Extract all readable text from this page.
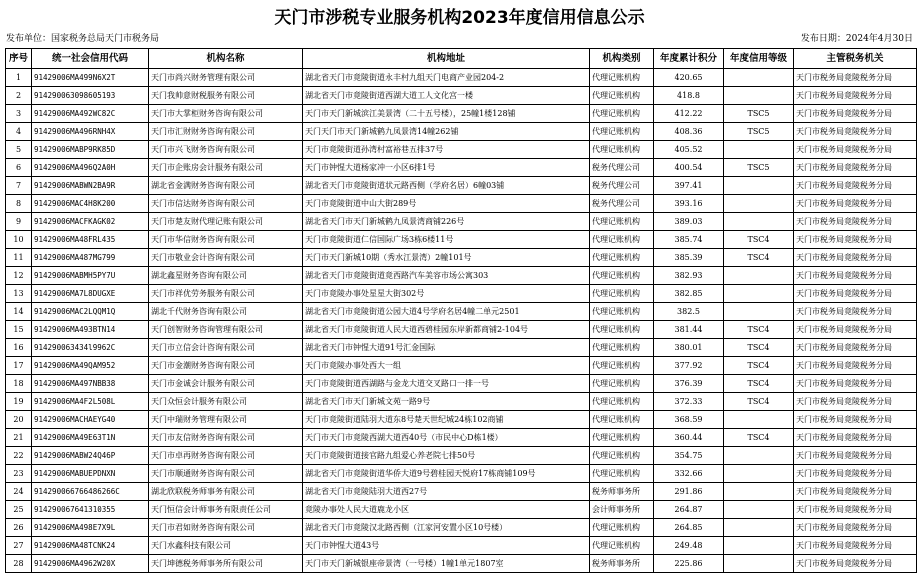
天门市涉税专业服务机构2023年度信用信息公示
发布单位：国家税务总局天门市税务局	发布日期：2024年4月30日
序号	统一社会信用代码	机构名称	机构地址	机构类别	年度累计积分	年度信用等级	主管税务机关
1	91429006MA499N6X2T	天门市尚兴财务管理有限公司	湖北省天门市竟陵街道永丰村九组天门电商产业园204-2	代理记账机构	420.65		天门市税务局竟陵税务分局
2	914290063098605193	天门我帅意财税服务有限公司	湖北省天门市竟陵街道西湖大道工人文化宫一楼	代理记账机构	418.8		天门市税务局竟陵税务分局
3	91429006MA492WC82C	天门市大掌柜财务咨询有限公司	天门市天门新城滨江美景湾（二十五号楼），25幢1楼128铺	代理记账机构	412.22	TSC5	天门市税务局竟陵税务分局
4	91429006MA496RNH4X	天门市汇财财务咨询有限公司	天门天门市天门新城鹤九凤景湾14幢262铺	代理记账机构	408.36	TSC5	天门市税务局竟陵税务分局
5	91429006MABP9RK85D	天门市兴飞财务咨询有限公司	天门市竟陵街道孙湾村富裕巷五排37号	代理记账机构	405.52		天门市税务局竟陵税务分局
6	91429006MA496Q2A0H	天门市企账房会计服务有限公司	天门市钟惺大道杨家冲一小区6排1号	税务代理公司	400.54	TSC5	天门市税务局竟陵税务分局
7	91429006MABWN2BA9R	湖北省金满财务咨询有限公司	湖北省天门市竟陵街道状元路西侧（学府名居）6幢03铺	税务代理公司	397.41		天门市税务局竟陵税务分局
8	91429006MAC4H8K200	天门市信达财务咨询有限公司	天门市竟陵街道中山大街289号	税务代理公司	393.16		天门市税务局竟陵税务分局
9	91429006MACFKAGK02	天门市楚友财代理记账有限公司	湖北省天门市天门新城鹤九凤景湾商铺226号	代理记账机构	389.03		天门市税务局竟陵税务分局
10	91429006MA48FRL435	天门市华信财务咨询有限公司	天门市竟陵街道仁信国际广场3栋6楼11号	代理记账机构	385.74	TSC4	天门市税务局竟陵税务分局
11	91429006MA487MG799	天门市敬业会计咨询有限公司	天门市天门新城10期（秀水江景湾）2幢101号	代理记账机构	385.39	TSC4	天门市税务局竟陵税务分局
12	91429006MABMH5PY7U	湖北鑫星财务咨询有限公司	湖北省天门市竟陵街道竟西路汽车美容市场公寓303	代理记账机构	382.93		天门市税务局竟陵税务分局
13	91429006MA7L8DUGXE	天门市祥优劳务服务有限公司	天门市竟陵办事处星星大街302号	代理记账机构	382.85		天门市税务局竟陵税务分局
14	91429006MAC2LQQM1Q	湖北千代财务咨询有限公司	湖北省天门市竟陵街道公园大道4号学府名居4幢二单元2501	代理记账机构	382.5		天门市税务局竟陵税务分局
15	91429006MA493BTN14	天门创智财务咨询管理有限公司	湖北省天门市竟陵街道人民大道西碧桂园东岸新都商铺2-104号	代理记账机构	381.44	TSC4	天门市税务局竟陵税务分局
16	914290063434l9962C	天门市立信会计咨询有限公司	湖北省天门市钟惺大道91号汇金国际	代理记账机构	380.01	TSC4	天门市税务局竟陵税务分局
17	91429006MA49QAM952	天门市金潮财务咨询有限公司	天门市竟陵办事处西大一组	代理记账机构	377.92	TSC4	天门市税务局竟陵税务分局
18	91429006MA497NBB38	天门市金诚会计服务有限公司	天门市竟陵街道西湖路与金龙大道交叉路口一排一号	代理记账机构	376.39	TSC4	天门市税务局竟陵税务分局
19	91429006MA4F2L508L	天门众恒会计服务有限公司	湖北省天门市天门新城文苑一路9号	代理记账机构	372.33	TSC4	天门市税务局竟陵税务分局
20	91429006MACHAEYG40	天门中瑞财务管理有限公司	天门市竟陵街道陆羽大道东8号楚天世纪城24栋102商铺	代理记账机构	368.59		天门市税务局竟陵税务分局
21	91429006MA49E63T1N	天门市友信财务咨询有限公司	天门市天门市竟陵西湖大道西40号（市民中心D栋1楼）	代理记账机构	360.44	TSC4	天门市税务局竟陵税务分局
22	91429006MABW24Q46P	天门市卓再财务咨询有限公司	天门市竟陵街道接官路九组爱心养老院七排50号	代理记账机构	354.75		天门市税务局竟陵税务分局
23	91429006MABUEPDNXN	天门市顺通财务咨询有限公司	湖北省天门市竟陵街道华侨大道9号碧桂园天悦府17栋商铺109号	代理记账机构	332.66		天门市税务局竟陵税务分局
24	914290066766486266C	湖北欣联税务师事务有限公司	湖北省天门市竟陵陆羽大道西27号	税务师事务所	291.86		天门市税务局竟陵税务分局
25	914290067641310355	天门恒信会计师事务有限责任公司	竟陵办事处人民大道鹿龙小区	会计师事务所	264.87		天门市税务局竟陵税务分局
26	91429006MA498E7X9L	天门市君如财务咨询有限公司	湖北省天门市竟陵汉北路西侧（江家河安置小区10号楼）	代理记账机构	264.85		天门市税务局竟陵税务分局
27	91429006MA48TCNK24	天门水鑫科技有限公司	天门市钟惺大道43号	代理记账机构	249.48		天门市税务局竟陵税务分局
28	91429006MA4962W20X	天门坤德税务师事务所有限公司	天门市天门新城银座帝景湾（一号楼）1幢1单元1807室	税务师事务所	225.86		天门市税务局竟陵税务分局
